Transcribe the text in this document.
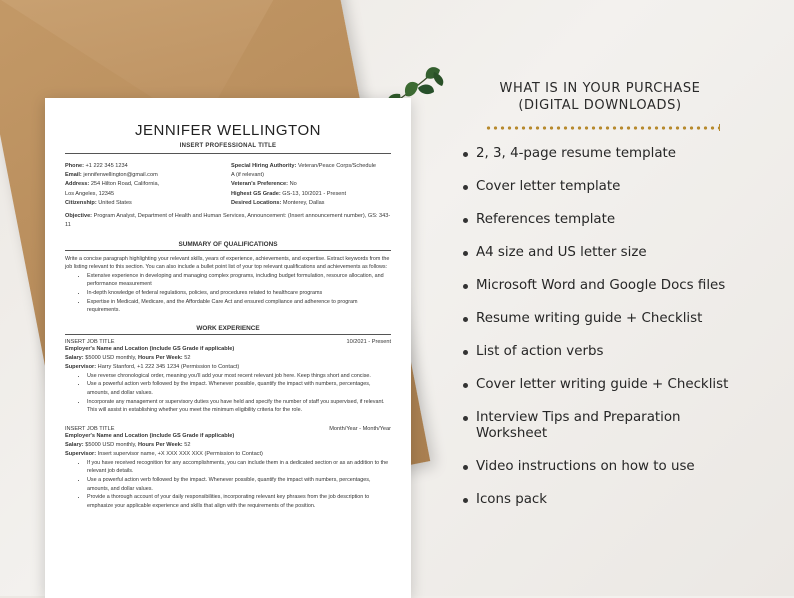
JENNIFER WELLINGTON
INSERT PROFESSIONAL TITLE
Phone: +1 222 345 1234
Email: jenniferwellington@gmail.com
Address: 254 Hilton Road, California,
Los Angeles, 12345
Citizenship: United States
Special Hiring Authority: Veteran/Peace Corps/Schedule
A (if relevant)
Veteran's Preference: No
Highest GS Grade: GS-13, 10/2021 - Present
Desired Locations: Monterey, Dallas
Objective: Program Analyst, Department of Health and Human Services, Announcement: (Insert announcement number), GS: 343-11
SUMMARY OF QUALIFICATIONS

Write a concise paragraph highlighting your relevant skills, years of experience, achievements, and expertise. Extract keywords from the job listing relevant to this section. You can also include a bullet point list of your top relevant qualifications and achievements as follows:

• Extensive experience in developing and managing complex programs, including budget formulation, resource allocation, and performance measurement
• In-depth knowledge of federal regulations, policies, and procedures related to healthcare programs
• Expertise in Medicaid, Medicare, and the Affordable Care Act and ensured compliance and adherence to program requirements.
WORK EXPERIENCE
INSERT JOB TITLE	10/2021 - Present
Employer's Name and Location (include GS Grade if applicable)
Salary: $5000 USD monthly, Hours Per Week: 52
Supervisor: Harry Stanford, +1 222 345 1234 (Permission to Contact)
• Use reverse chronological order, meaning you'll add your most recent relevant job here. Keep things short and concise.
• Use a powerful action verb followed by the impact. Whenever possible, quantify the impact with numbers, percentages, amounts, and dollar values.
• Incorporate any management or supervisory duties you have held and specify the number of staff you supervised, if relevant. This will assist in establishing whether you meet the minimum eligibility criteria for the role.
INSERT JOB TITLE	Month/Year - Month/Year
Employer's Name and Location (include GS Grade if applicable)
Salary: $5000 USD monthly, Hours Per Week: 52
Supervisor: Insert supervisor name, +X XXX XXX XXX (Permission to Contact)
• If you have received recognition for any accomplishments, you can include them in a dedicated section or as an addition to the relevant job details.
• Use a powerful action verb followed by the impact. Whenever possible, quantify the impact with numbers, percentages, amounts, and dollar values.
• Provide a thorough account of your daily responsibilities, incorporating relevant key phrases from the job description to emphasize your applicable experience and skills that align with the requirements of the position.
WHAT IS IN YOUR PURCHASE
(DIGITAL DOWNLOADS)
2, 3, 4-page resume template
Cover letter template
References template
A4 size and US letter size
Microsoft Word and Google Docs files
Resume writing guide + Checklist
List of action verbs
Cover letter writing guide + Checklist
Interview Tips and Preparation Worksheet
Video instructions on how to use
Icons pack
